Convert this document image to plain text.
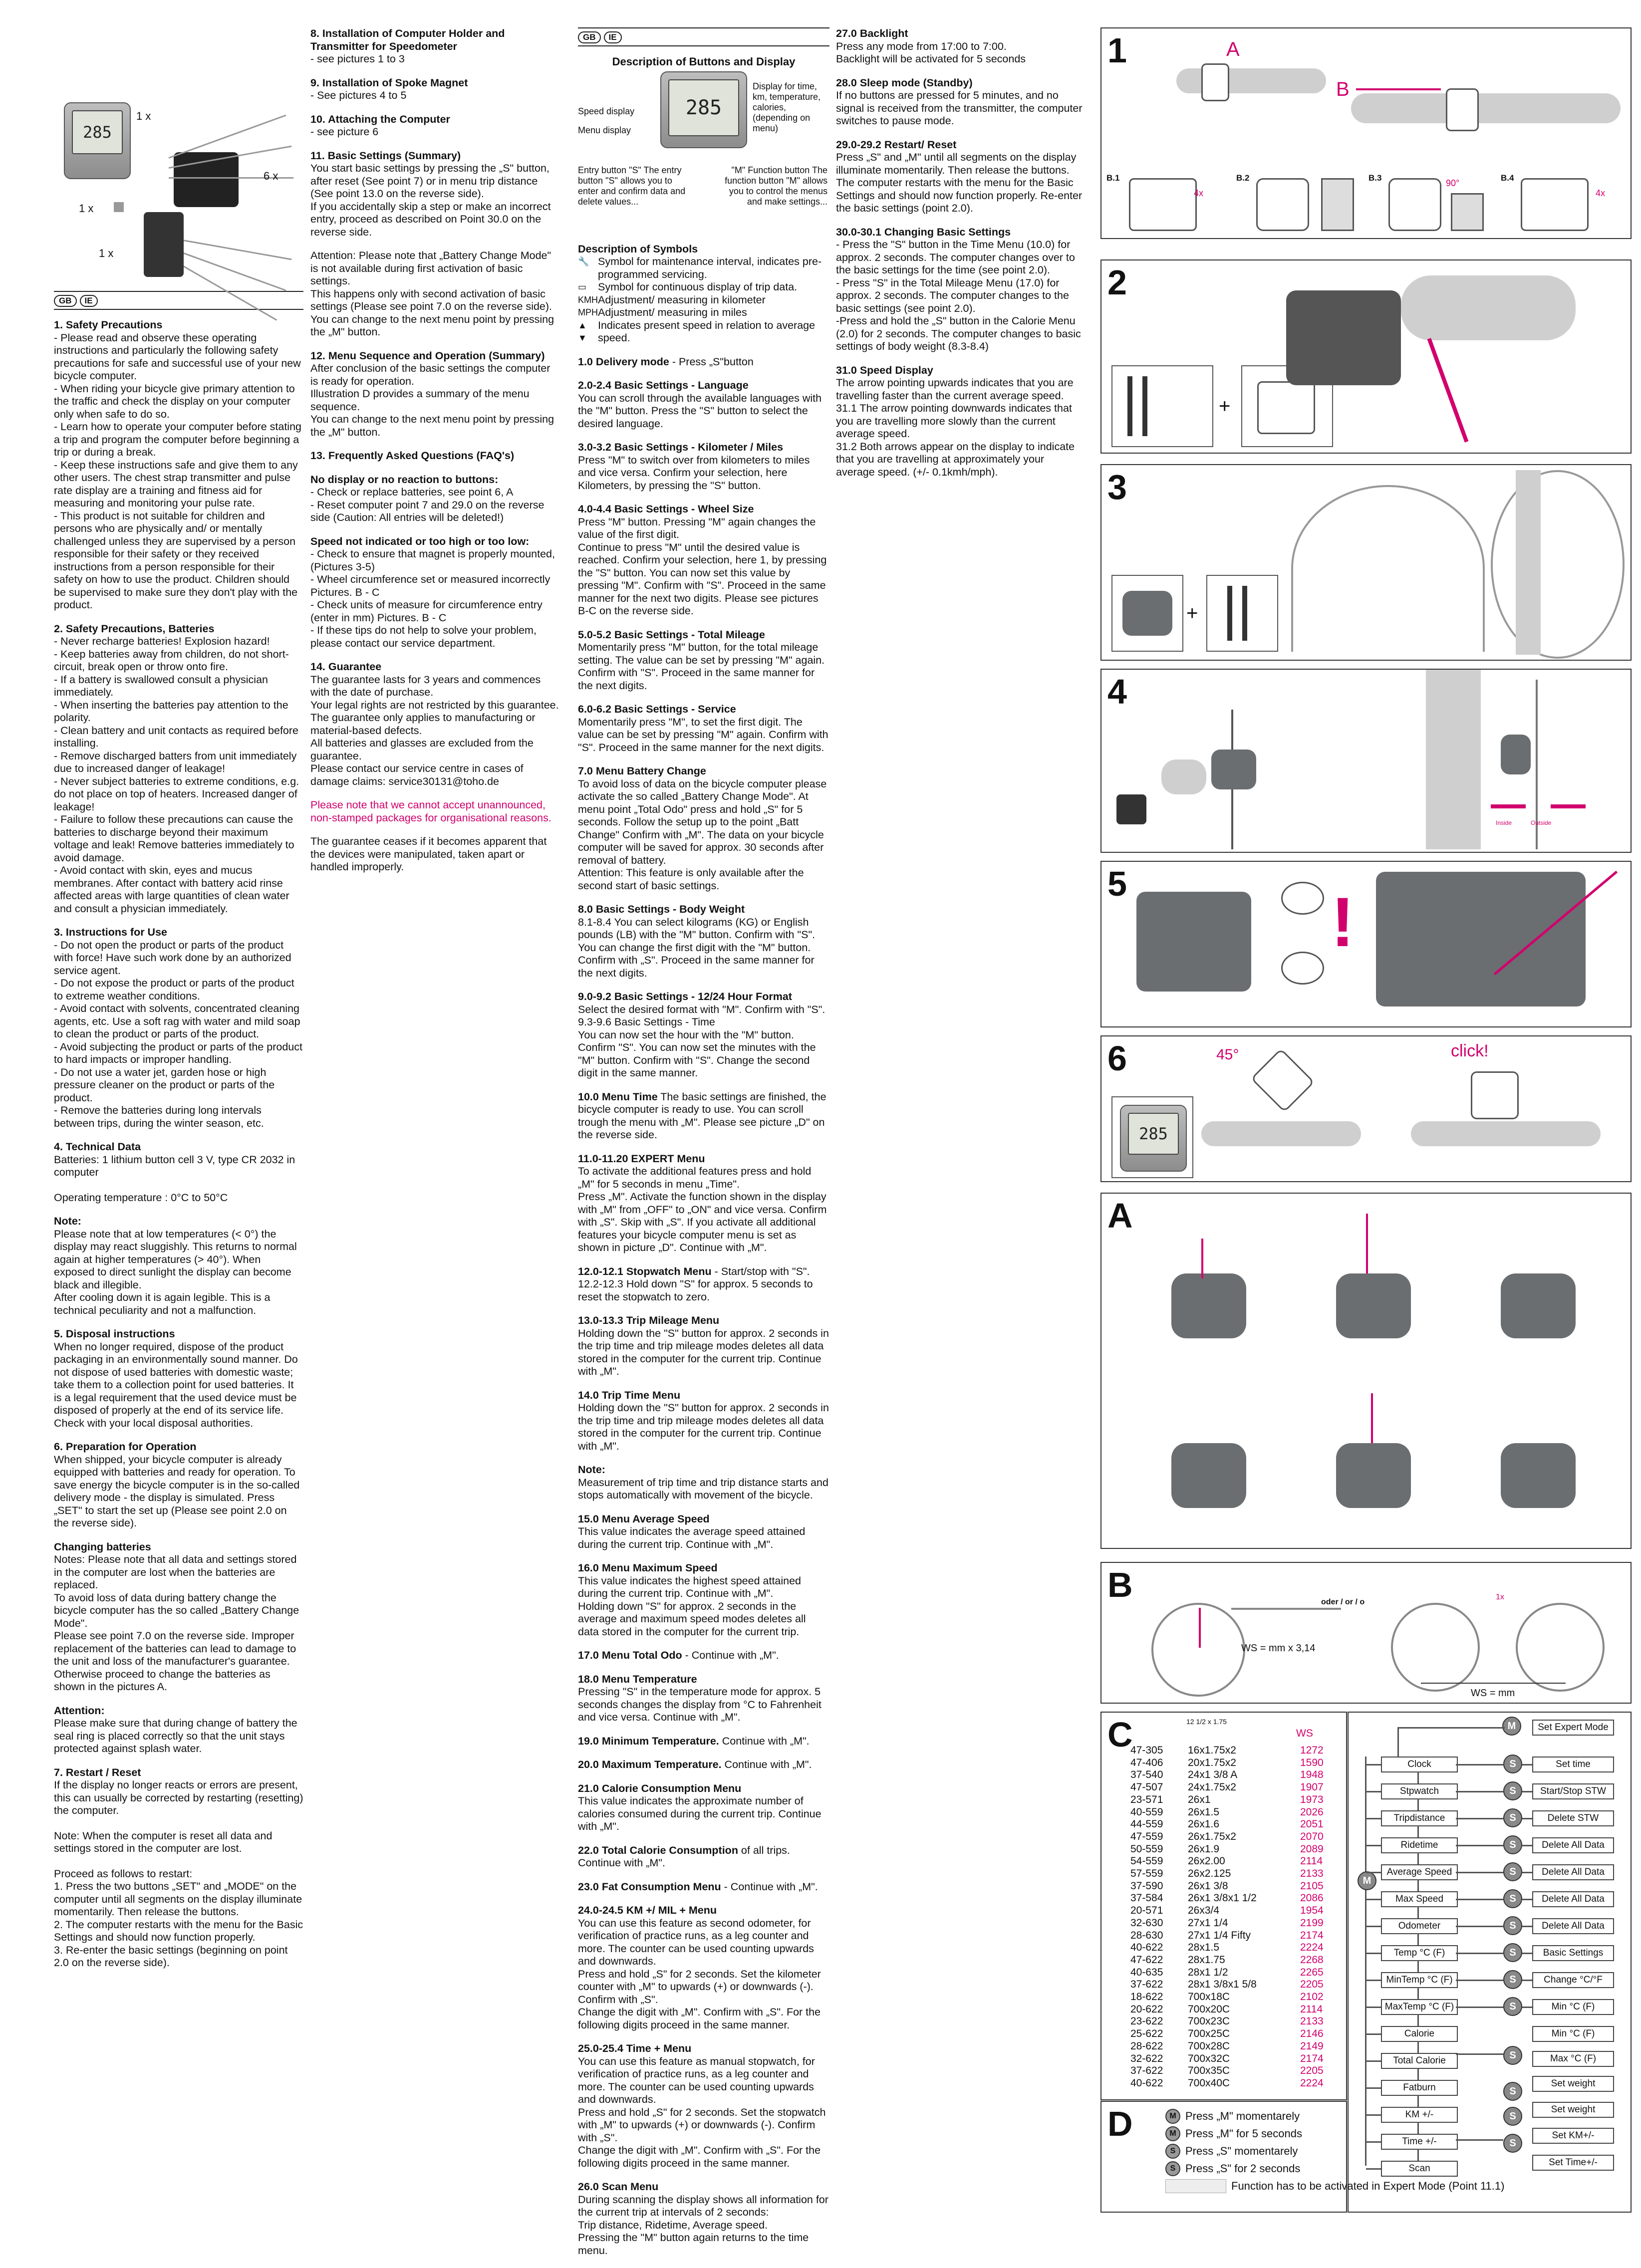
285
1 x
6 x
1 x
1 x
GB IE
1. Safety Precautions
- Please read and observe these operating instructions and particularly the following safety precautions for safe and successful use of your new bicycle computer.
- When riding your bicycle give primary attention to the traffic and check the display on your computer only when safe to do so.
- Learn how to operate your computer before stating a trip and program the computer before beginning a trip or during a break.
- Keep these instructions safe and give them to any other users. The chest strap transmitter and pulse rate display are a training and fitness aid for measuring and monitoring your pulse rate.
- This product is not suitable for children and persons who are physically and/ or mentally challenged unless they are supervised by a person responsible for their safety or they received instructions from a person responsible for their safety on how to use the product. Children should be supervised to make sure they don't play with the product.
2. Safety Precautions, Batteries
- Never recharge batteries! Explosion hazard!
- Keep batteries away from children, do not short-circuit, break open or throw onto fire.
- If a battery is swallowed consult a physician immediately.
- When inserting the batteries pay attention to the polarity.
- Clean battery and unit contacts as required before installing.
- Remove discharged batters from unit immediately due to increased danger of leakage!
- Never subject batteries to extreme conditions, e.g. do not place on top of heaters. Increased danger of leakage!
- Failure to follow these precautions can cause the batteries to discharge beyond their maximum voltage and leak! Remove batteries immediately to avoid damage.
- Avoid contact with skin, eyes and mucus membranes. After contact with battery acid rinse affected areas with large quantities of clean water and consult a physician immediately.
3. Instructions for Use
- Do not open the product or parts of the product with force! Have such work done by an authorized service agent.
- Do not expose the product or parts of the product to extreme weather conditions.
- Avoid contact with solvents, concentrated cleaning agents, etc. Use a soft rag with water and mild soap to clean the product or parts of the product.
- Avoid subjecting the product or parts of the product to hard impacts or improper handling.
- Do not use a water jet, garden hose or high pressure cleaner on the product or parts of the product.
- Remove the batteries during long intervals between trips, during the winter season, etc.
4. Technical Data
Batteries: 1 lithium button cell 3 V, type CR 2032 in computer
Operating temperature : 0°C to 50°C
Note:
Please note that at low temperatures (< 0°) the display may react sluggishly. This returns to normal again at higher temperatures (> 40°). When exposed to direct sunlight the display can become black and illegible.
After cooling down it is again legible. This is a technical peculiarity and not a malfunction.
5. Disposal instructions
When no longer required, dispose of the product packaging in an environmentally sound manner. Do not dispose of used batteries with domestic waste; take them to a collection point for used batteries. It is a legal requirement that the used device must be disposed of properly at the end of its service life. Check with your local disposal authorities.
6. Preparation for Operation
When shipped, your bicycle computer is already equipped with batteries and ready for operation. To save energy the bicycle computer is in the so-called delivery mode - the display is simulated. Press „SET" to start the set up (Please see point 2.0 on the reverse side).
Changing batteries
Notes: Please note that all data and settings stored in the computer are lost when the batteries are replaced.
To avoid loss of data during battery change the bicycle computer has the so called „Battery Change Mode".
Please see point 7.0 on the reverse side. Improper replacement of the batteries can lead to damage to the unit and loss of the manufacturer's guarantee.
Otherwise proceed to change the batteries as shown in the pictures A.
Attention:
Please make sure that during change of battery the seal ring is placed correctly so that the unit stays protected against splash water.
7. Restart / Reset
If the display no longer reacts or errors are present, this can usually be corrected by restarting (resetting) the computer.
Note: When the computer is reset all data and settings stored in the computer are lost.
Proceed as follows to restart:
1. Press the two buttons „SET" and „MODE" on the computer until all segments on the display illuminate momentarily. Then release the buttons.
2. The computer restarts with the menu for the Basic Settings and should now function properly.
3. Re-enter the basic settings (beginning on point 2.0 on the reverse side).
8. Installation of Computer Holder and Transmitter for Speedometer
- see pictures 1 to 3
9. Installation of Spoke Magnet
- See pictures 4 to 5
10. Attaching the Computer
- see picture 6
11. Basic Settings (Summary)
You start basic settings by pressing the „S" button, after reset (See point 7) or in menu trip distance (See point 13.0 on the reverse side).
If you accidentally skip a step or make an incorrect entry, proceed as described on Point 30.0 on the reverse side.
Attention: Please note that „Battery Change Mode" is not available during first activation of basic settings.
This happens only with second activation of basic settings (Please see point 7.0 on the reverse side). You can change to the next menu point by pressing the „M" button.
12. Menu Sequence and Operation (Summary)
After conclusion of the basic settings the computer is ready for operation.
Illustration D provides a summary of the menu sequence.
You can change to the next menu point by pressing the „M" button.
13. Frequently Asked Questions (FAQ's)
No display or no reaction to buttons:
- Check or replace batteries, see point 6, A
- Reset computer point 7 and 29.0 on the reverse side (Caution: All entries will be deleted!)
Speed not indicated or too high or too low:
- Check to ensure that magnet is properly mounted, (Pictures 3-5)
- Wheel circumference set or measured incorrectly Pictures. B - C
- Check units of measure for circumference entry (enter in mm) Pictures. B - C
- If these tips do not help to solve your problem, please contact our service department.
14. Guarantee
The guarantee lasts for 3 years and commences with the date of purchase.
Your legal rights are not restricted by this guarantee.
The guarantee only applies to manufacturing or material-based defects.
All batteries and glasses are excluded from the guarantee.
Please contact our service centre in cases of damage claims: service30131@toho.de
Please note that we cannot accept unannounced, non-stamped packages for organisational reasons.
The guarantee ceases if it becomes apparent that the devices were manipulated, taken apart or handled improperly.
GB IE
Description of Buttons and Display
285
Speed display
Menu display
Display for time, km, temperature, calories, (depending on menu)
Entry button "S" The entry button "S" allows you to enter and confirm data and delete values...
"M" Function button The function button "M" allows you to control the menus and make settings...
Description of Symbols
🔧 Symbol for maintenance interval, indicates pre-programmed servicing.
▭	Symbol for continuous display of trip data.
KMH Adjustment/ measuring in kilometer
MPH Adjustment/ measuring in miles
▲	Indicates present speed in relation to average
▼	speed.
1.0 Delivery mode - Press „S"button
2.0-2.4 Basic Settings - Language
You can scroll through the available languages with the "M" button. Press the "S" button to select the desired language.
3.0-3.2 Basic Settings - Kilometer / Miles
Press "M" to switch over from kilometers to miles and vice versa. Confirm your selection, here Kilometers, by pressing the "S" button.
4.0-4.4 Basic Settings - Wheel Size
Press "M" button. Pressing "M" again changes the value of the first digit.
Continue to press "M" until the desired value is reached. Confirm your selection, here 1, by pressing the "S" button. You can now set this value by pressing "M". Confirm with "S". Proceed in the same manner for the next two digits. Please see pictures B-C on the reverse side.
5.0-5.2 Basic Settings - Total Mileage
Momentarily press "M" button, for the total mileage setting. The value can be set by pressing "M" again. Confirm with "S". Proceed in the same manner for the next digits.
6.0-6.2 Basic Settings - Service
Momentarily press "M", to set the first digit. The value can be set by pressing "M" again. Confirm with "S". Proceed in the same manner for the next digits.
7.0 Menu Battery Change
To avoid loss of data on the bicycle computer please activate the so called „Battery Change Mode". At menu point „Total Odo" press and hold „S" for 5 seconds. Follow the setup up to the point „Batt Change" Confirm with „M". The data on your bicycle computer will be saved for approx. 30 seconds after removal of battery.
Attention: This feature is only available after the second start of basic settings.
8.0 Basic Settings - Body Weight
8.1-8.4 You can select kilograms (KG) or English pounds (LB) with the "M" button. Confirm with "S". You can change the first digit with the "M" button. Confirm with „S". Proceed in the same manner for the next digits.
9.0-9.2 Basic Settings - 12/24 Hour Format
Select the desired format with "M". Confirm with "S".
9.3-9.6 Basic Settings - Time
You can now set the hour with the "M" button. Confirm "S". You can now set the minutes with the "M" button. Confirm with "S". Change the second digit in the same manner.
10.0 Menu Time The basic settings are finished, the bicycle computer is ready to use. You can scroll trough the menu with „M". Please see picture „D" on the reverse side.
11.0-11.20 EXPERT Menu
To activate the additional features press and hold „M" for 5 seconds in menu „Time".
Press „M". Activate the function shown in the display with „M" from „OFF" to „ON" and vice versa. Confirm with „S". Skip with „S". If you activate all additional features your bicycle computer menu is set as shown in picture „D". Continue with „M".
12.0-12.1 Stopwatch Menu - Start/stop with "S".
12.2-12.3 Hold down "S" for approx. 5 seconds to reset the stopwatch to zero.
13.0-13.3 Trip Mileage Menu
Holding down the "S" button for approx. 2 seconds in the trip time and trip mileage modes deletes all data stored in the computer for the current trip. Continue with „M".
14.0 Trip Time Menu
Holding down the "S" button for approx. 2 seconds in the trip time and trip mileage modes deletes all data stored in the computer for the current trip. Continue with „M".
Note:
Measurement of trip time and trip distance starts and stops automatically with movement of the bicycle.
15.0 Menu Average Speed
This value indicates the average speed attained during the current trip. Continue with „M".
16.0 Menu Maximum Speed
This value indicates the highest speed attained during the current trip. Continue with „M".
Holding down "S" for approx. 2 seconds in the average and maximum speed modes deletes all data stored in the computer for the current trip.
17.0 Menu Total Odo - Continue with „M".
18.0 Menu Temperature
Pressing "S" in the temperature mode for approx. 5 seconds changes the display from °C to Fahrenheit and vice versa. Continue with „M".
19.0 Minimum Temperature. Continue with „M".
20.0 Maximum Temperature. Continue with „M".
21.0 Calorie Consumption Menu
This value indicates the approximate number of calories consumed during the current trip. Continue with „M".
22.0 Total Calorie Consumption of all trips. Continue with „M".
23.0 Fat Consumption Menu - Continue with „M".
24.0-24.5 KM +/ MIL + Menu
You can use this feature as second odometer, for verification of practice runs, as a leg counter and more. The counter can be used counting upwards and downwards.
Press and hold „S" for 2 seconds. Set the kilometer counter with „M" to upwards (+) or downwards (-). Confirm with „S".
Change the digit with „M". Confirm with „S". For the following digits proceed in the same manner.
25.0-25.4 Time + Menu
You can use this feature as manual stopwatch, for verification of practice runs, as a leg counter and more. The counter can be used counting upwards and downwards.
Press and hold „S" for 2 seconds. Set the stopwatch with „M" to upwards (+) or downwards (-). Confirm with „S".
Change the digit with „M". Confirm with „S". For the following digits proceed in the same manner.
26.0 Scan Menu
During scanning the display shows all information for the current trip at intervals of 2 seconds:
Trip distance, Ridetime, Average speed.
Pressing the "M" button again returns to the time menu.
27.0 Backlight
Press any mode from 17:00 to 7:00.
Backlight will be activated for 5 seconds
28.0 Sleep mode (Standby)
If no buttons are pressed for 5 minutes, and no signal is received from the transmitter, the computer switches to pause mode.
29.0-29.2 Restart/ Reset
Press „S" and „M" until all segments on the display illuminate momentarily. Then release the buttons. The computer restarts with the menu for the Basic Settings and should now function properly. Re-enter the basic settings (point 2.0).
30.0-30.1 Changing Basic Settings
- Press the "S" button in the Time Menu (10.0) for approx. 2 seconds. The computer changes over to the basic settings for the time (see point 2.0).
- Press "S" in the Total Mileage Menu (17.0) for approx. 2 seconds. The computer changes to the basic settings (see point 2.0).
-Press and hold the „S" button in the Calorie Menu (2.0) for 2 seconds. The computer changes to basic settings of body weight (8.3-8.4)
31.0 Speed Display
The arrow pointing upwards indicates that you are travelling faster than the current average speed.
31.1 The arrow pointing downwards indicates that you are travelling more slowly than the current average speed.
31.2 Both arrows appear on the display to indicate that you are travelling at approximately your average speed. (+/- 0.1kmh/mph).
1	A
B
B.1
4x
B.2	B.3
90°
B.4
4x
2
+
3
+
4
Inside	Outside
5	!
6
285
45°	click!
A
B
WS = mm x 3,14
oder / or / o
1x
WS = mm
C	12 1/2 x 1.75
WS
47-305	16x1.75x2	1272
47-406	20x1.75x2	1590
37-540	24x1 3/8 A	1948
47-507	24x1.75x2	1907
23-571	26x1	1973
40-559	26x1.5	2026
44-559	26x1.6	2051
47-559	26x1.75x2	2070
50-559	26x1.9	2089
54-559	26x2.00	2114
57-559	26x2.125	2133
37-590	26x1 3/8	2105
37-584	26x1 3/8x1 1/2	2086
20-571	26x3/4	1954
32-630	27x1 1/4	2199
28-630	27x1 1/4 Fifty	2174
40-622	28x1.5	2224
47-622	28x1.75	2268
40-635	28x1 1/2	2265
37-622	28x1 3/8x1 5/8	2205
18-622	700x18C	2102
20-622	700x20C	2114
23-622	700x23C	2133
25-622	700x25C	2146
28-622	700x28C	2149
32-622	700x32C	2174
37-622	700x35C	2205
40-622	700x40C	2224
M
M	Set Expert Mode
Clock
Stpwatch
Tripdistance
Ridetime
Average Speed
Max Speed
Odometer
Temp °C (F)
MinTemp °C (F)
MaxTemp °C (F)
Calorie
Total Calorie
Fatburn
KM +/-
Time +/-
Scan
S	Set time
S	Start/Stop STW
S	Delete STW
S	Delete All Data
S	Delete All Data
S	Delete All Data
S	Delete All Data
S	Basic Settings
S	Change °C/°F
S	Min °C (F)
S
S
S
S
Min °C (F)
Max °C (F)
Set weight
Set weight
Set KM+/-
Set Time+/-
D	M Press „M" momentarely
M Press „M" for 5 seconds
S Press „S" momentarely
S Press „S" for 2 seconds
Function has to be activated in Expert Mode (Point 11.1)
